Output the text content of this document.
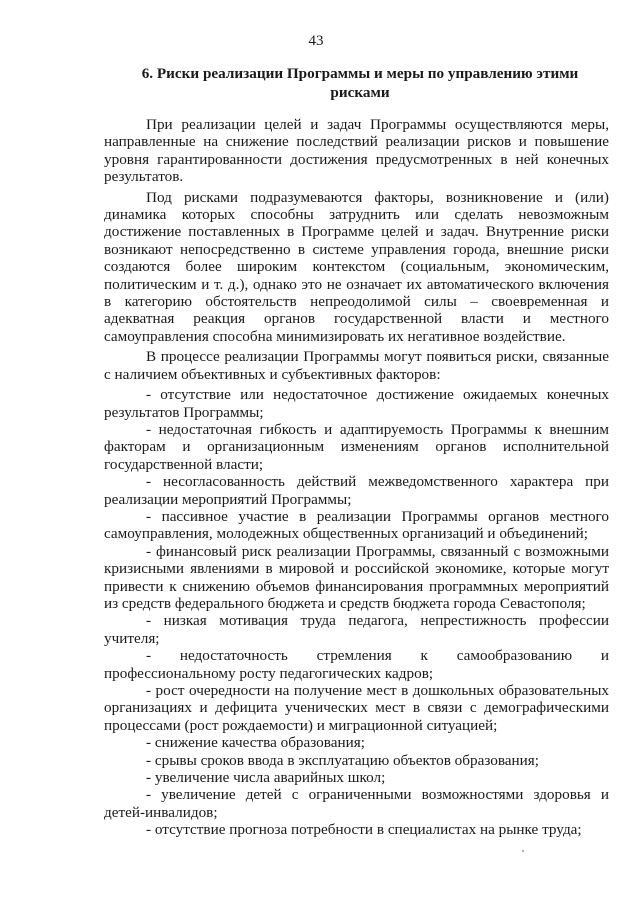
43
6. Риски реализации Программы и меры по управлению этими рисками

При реализации целей и задач Программы осуществляются меры, направленные на снижение последствий реализации рисков и повышение уровня гарантированности достижения предусмотренных в ней конечных результатов.

Под рисками подразумеваются факторы, возникновение и (или) динамика которых способны затруднить или сделать невозможным достижение поставленных в Программе целей и задач. Внутренние риски возникают непосредственно в системе управления города, внешние риски создаются более широким контекстом (социальным, экономическим, политическим и т. д.), однако это не означает их автоматического включения в категорию обстоятельств непреодолимой силы – своевременная и адекватная реакция органов государственной власти и местного самоуправления способна минимизировать их негативное воздействие.

В процессе реализации Программы могут появиться риски, связанные с наличием объективных и субъективных факторов:

- отсутствие или недостаточное достижение ожидаемых конечных результатов Программы;

- недостаточная гибкость и адаптируемость Программы к внешним факторам и организационным изменениям органов исполнительной государственной власти;

- несогласованность действий межведомственного характера при реализации мероприятий Программы;

- пассивное участие в реализации Программы органов местного самоуправления, молодежных общественных организаций и объединений;

- финансовый риск реализации Программы, связанный с возможными кризисными явлениями в мировой и российской экономике, которые могут привести к снижению объемов финансирования программных мероприятий из средств федерального бюджета и средств бюджета города Севастополя;

- низкая мотивация труда педагога, непрестижность профессии учителя;

- недостаточность стремления к самообразованию и профессиональному росту педагогических кадров;

- рост очередности на получение мест в дошкольных образовательных организациях и дефицита ученических мест в связи с демографическими процессами (рост рождаемости) и миграционной ситуацией;

- снижение качества образования;

- срывы сроков ввода в эксплуатацию объектов образования;

- увеличение числа аварийных школ;

- увеличение детей с ограниченными возможностями здоровья и детей-инвалидов;

- отсутствие прогноза потребности в специалистах на рынке труда;
